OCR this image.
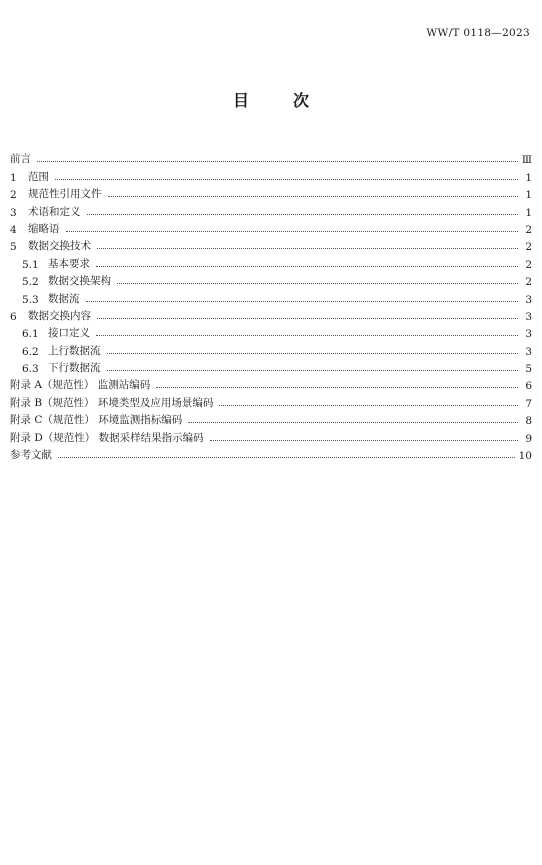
WW/T 0118—2023
目	次
前言	Ⅲ
1	范围	1
2	规范性引用文件	1
3	术语和定义	1
4	缩略语	2
5	数据交换技术	2
5.1 基本要求	2
5.2 数据交换架构	2
5.3 数据流	3
6	数据交换内容	3
6.1 接口定义	3
6.2 上行数据流	3
6.3 下行数据流	5
附录 A（规范性） 监测站编码	6
附录 B（规范性） 环境类型及应用场景编码	7
附录 C（规范性） 环境监测指标编码	8
附录 D（规范性） 数据采样结果指示编码	9
参考文献	10
